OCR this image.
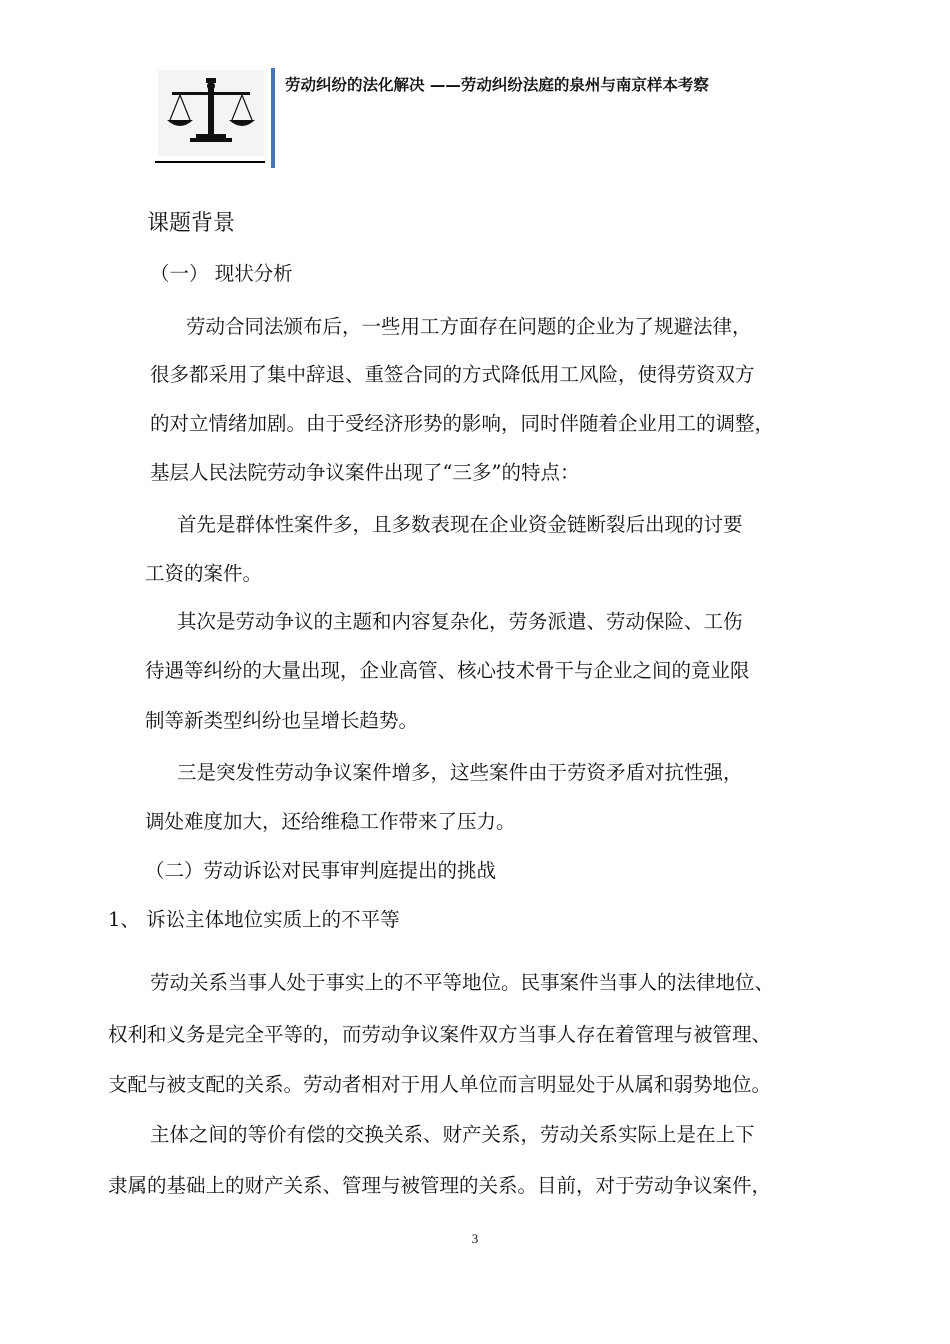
劳动纠纷的法化解决 ——劳动纠纷法庭的泉州与南京样本考察
课题背景
（一） 现状分析
劳动合同法颁布后，一些用工方面存在问题的企业为了规避法律，
很多都采用了集中辞退、重签合同的方式降低用工风险，使得劳资双方
的对立情绪加剧。由于受经济形势的影响，同时伴随着企业用工的调整，
基层人民法院劳动争议案件出现了“三多”的特点：
首先是群体性案件多，且多数表现在企业资金链断裂后出现的讨要
工资的案件。
其次是劳动争议的主题和内容复杂化，劳务派遣、劳动保险、工伤
待遇等纠纷的大量出现，企业高管、核心技术骨干与企业之间的竟业限
制等新类型纠纷也呈增长趋势。
三是突发性劳动争议案件增多，这些案件由于劳资矛盾对抗性强，
调处难度加大，还给维稳工作带来了压力。
（二）劳动诉讼对民事审判庭提出的挑战
1、 诉讼主体地位实质上的不平等
劳动关系当事人处于事实上的不平等地位。民事案件当事人的法律地位、
权利和义务是完全平等的，而劳动争议案件双方当事人存在着管理与被管理、
支配与被支配的关系。劳动者相对于用人单位而言明显处于从属和弱势地位。
主体之间的等价有偿的交换关系、财产关系，劳动关系实际上是在上下
隶属的基础上的财产关系、管理与被管理的关系。目前，对于劳动争议案件，
3
